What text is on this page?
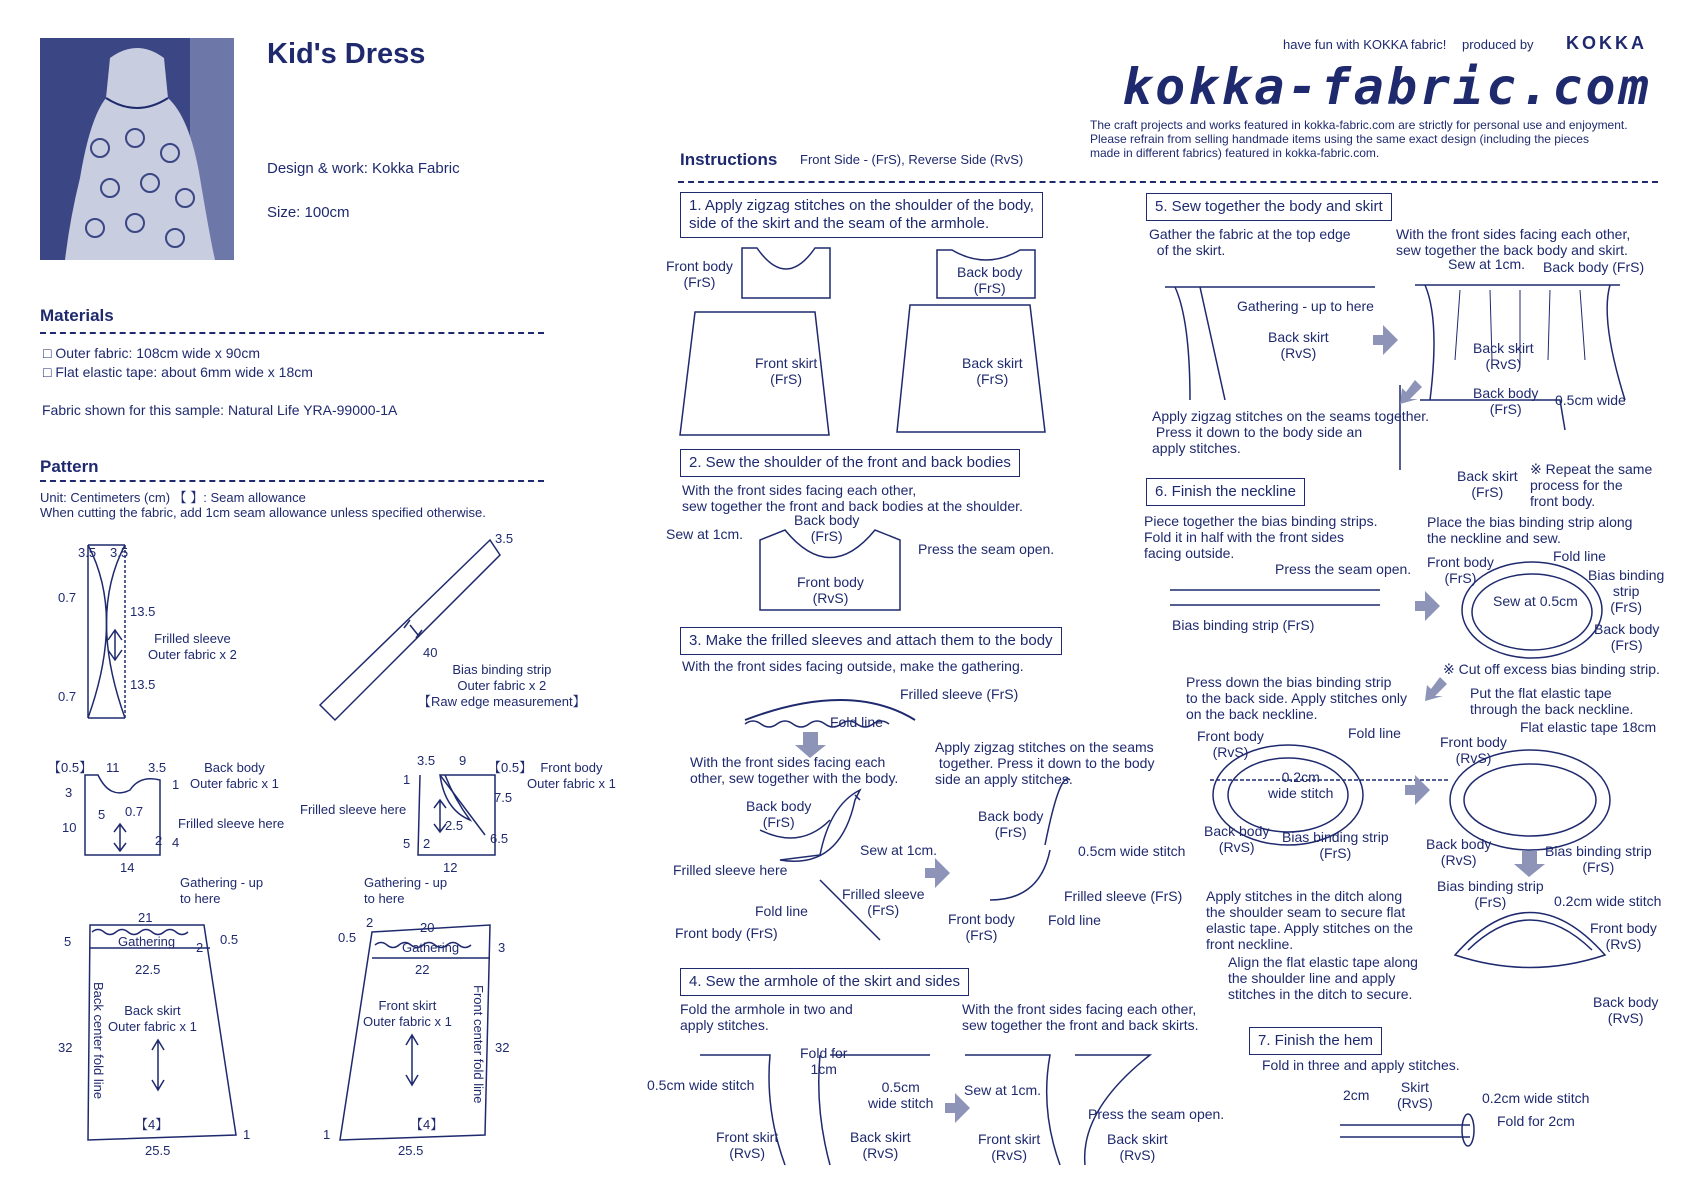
Kid's Dress
Design & work: Kokka Fabric
Size: 100cm
have fun with KOKKA fabric! produced by KOKKA
kokka-fabric.com
The craft projects and works featured in kokka-fabric.com are strictly for personal use and enjoyment.
Please refrain from selling handmade items using the same exact design (including the pieces
made in different fabrics) featured in kokka-fabric.com.
Materials
□ Outer fabric: 108cm wide x 90cm
□ Flat elastic tape: about 6mm wide x 18cm
Fabric shown for this sample: Natural Life YRA-99000-1A
Pattern
Unit: Centimeters (cm) 【 】: Seam allowance
When cutting the fabric, add 1cm seam allowance unless specified otherwise.
Instructions Front Side - (FrS), Reverse Side (RvS)
3.5 3.5
0.7
13.5
13.5
0.7
Frilled sleeve
Outer fabric x 2
3.5
40
Bias binding strip
Outer fabric x 2
【Raw edge measurement】
【0.5】 11 3.5
1
3
5 0.7
10
2 4
14
Back body
Outer fabric x 1
Frilled sleeve here
Gathering - up
to here
3.5 9 【0.5】
1
7.5
2.5
5 2	6.5
12
Front body
Outer fabric x 1
Frilled sleeve here
Gathering - up
to here
21
Gathering
5	2
0.5
22.5
32 Back center fold line	Back skirt
Outer fabric x 1
【4】
25.5
1
20
2
0.5
3
Gathering
22
32
Front center fold line
Front skirt
Outer fabric x 1
【4】
25.5
1
1. Apply zigzag stitches on the shoulder of the body,
side of the skirt and the seam of the armhole.
Front body
(FrS)
Back body
(FrS)
Front skirt
(FrS)
Back skirt
(FrS)
2. Sew the shoulder of the front and back bodies
With the front sides facing each other,
sew together the front and back bodies at the shoulder.
Sew at 1cm.
Back body
(FrS)
Press the seam open.
Front body
(RvS)
3. Make the frilled sleeves and attach them to the body
With the front sides facing outside, make the gathering.
Frilled sleeve (FrS)
Fold line
With the front sides facing each
other, sew together with the body.
Apply zigzag stitches on the seams
together. Press it down to the body
side an apply stitches.
Back body
(FrS)
Sew at 1cm.
Frilled sleeve here
Frilled sleeve
(FrS)
Fold line
Front body (FrS)
Back body
(FrS)
0.5cm wide stitch
Frilled sleeve (FrS)
Front body
(FrS)
Fold line
4. Sew the armhole of the skirt and sides
Fold the armhole in two and
apply stitches.
With the front sides facing each other,
sew together the front and back skirts.
Fold for
1cm
0.5cm wide stitch	0.5cm
wide stitch
Front skirt
(RvS)
Back skirt
(RvS)
Sew at 1cm.
Press the seam open.
Front skirt
(RvS)
Back skirt
(RvS)
5. Sew together the body and skirt
Gather the fabric at the top edge
of the skirt.
Gathering - up to here
Back skirt
(RvS)
With the front sides facing each other,
sew together the back body and skirt.
Sew at 1cm. Back body (FrS)
Back skirt
(RvS)
Apply zigzag stitches on the seams together.
Press it down to the body side an
apply stitches.
Back body
(FrS)
0.5cm wide
Back skirt
(FrS)
※ Repeat the same
process for the
front body.
6. Finish the neckline
Piece together the bias binding strips.
Fold it in half with the front sides
facing outside.
Press the seam open.
Bias binding strip (FrS)
Place the bias binding strip along
the neckline and sew.
Front body
(FrS)
Fold line
Bias binding
strip
(FrS)
Sew at 0.5cm
Back body
(FrS)
※ Cut off excess bias binding strip.
Press down the bias binding strip
to the back side. Apply stitches only
on the back neckline.
Front body
(RvS)
Fold line
0.2cm
wide stitch
Back body
(RvS)
Bias binding strip
(FrS)
Put the flat elastic tape
through the back neckline.
Front body
(RvS)
Flat elastic tape 18cm
Back body
(RvS)
Bias binding strip
(FrS)
Apply stitches in the ditch along
the shoulder seam to secure flat
elastic tape. Apply stitches on the
front neckline.
Align the flat elastic tape along
the shoulder line and apply
stitches in the ditch to secure.
Bias binding strip
(FrS)	0.2cm wide stitch
Front body
(RvS)
Back body
(RvS)
7. Finish the hem
Fold in three and apply stitches.
2cm Skirt
(RvS)	0.2cm wide stitch
Fold for 2cm
